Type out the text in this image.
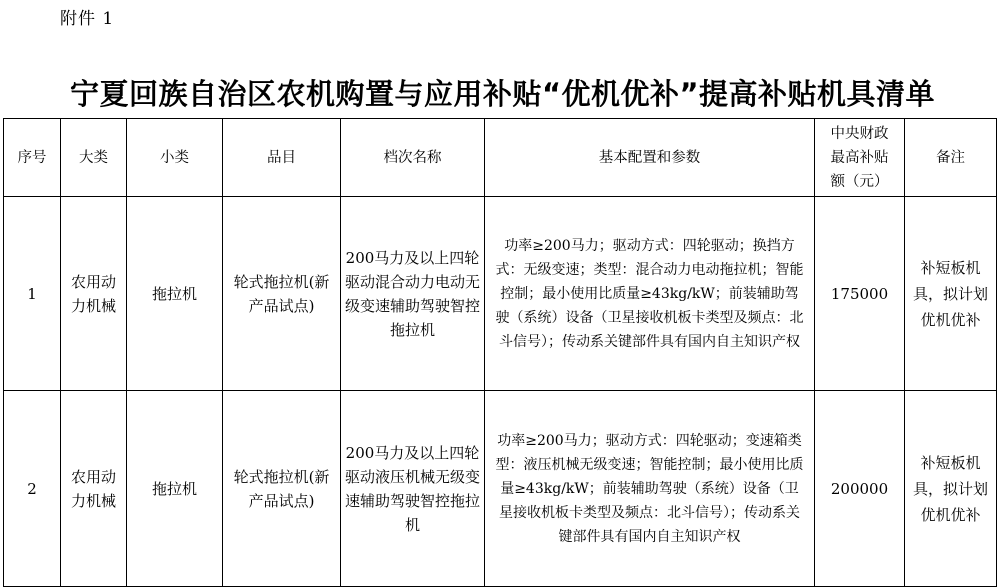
附件 1
宁夏回族自治区农机购置与应用补贴“优机优补”提高补贴机具清单
序号	大类	小类	品目	档次名称	基本配置和参数	中央财政
最高补贴
额（元）	备注
1	农用动力机械	拖拉机	轮式拖拉机(新产品试点)	200马力及以上四轮驱动混合动力电动无级变速辅助驾驶智控拖拉机	功率≥200马力；驱动方式：四轮驱动；换挡方式：无级变速；类型：混合动力电动拖拉机；智能控制；最小使用比质量≥43kg/kW；前装辅助驾驶（系统）设备（卫星接收机板卡类型及频点：北斗信号）；传动系关键部件具有国内自主知识产权	175000	补短板机具，拟计划优机优补
2	农用动力机械	拖拉机	轮式拖拉机(新产品试点)	200马力及以上四轮驱动液压机械无级变速辅助驾驶智控拖拉机	功率≥200马力；驱动方式：四轮驱动；变速箱类型：液压机械无级变速；智能控制；最小使用比质量≥43kg/kW；前装辅助驾驶（系统）设备（卫星接收机板卡类型及频点：北斗信号）；传动系关键部件具有国内自主知识产权	200000	补短板机具，拟计划优机优补
